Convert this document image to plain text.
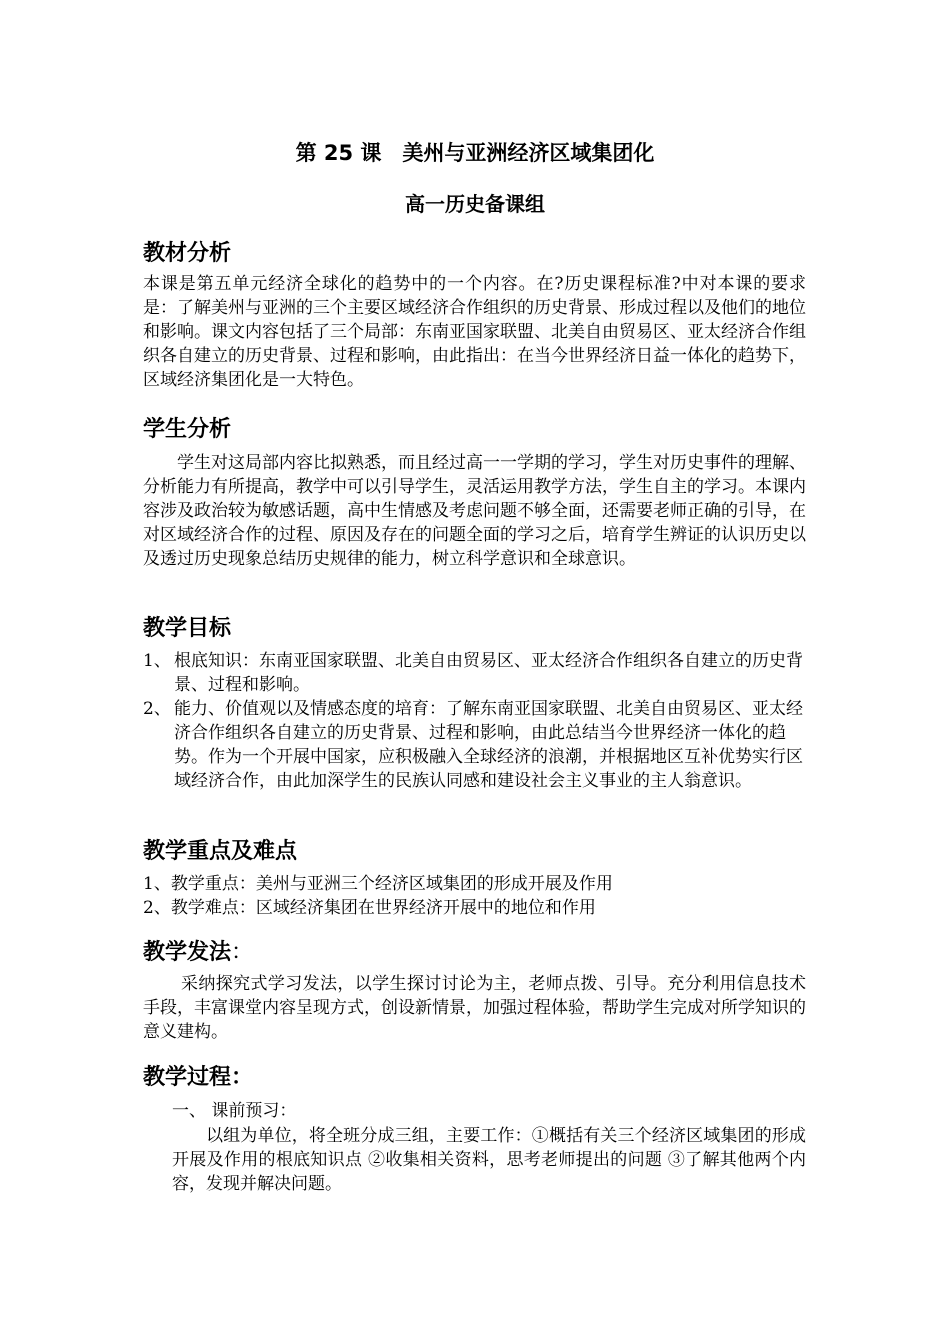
第 25 课　美州与亚洲经济区域集团化
高一历史备课组
教材分析

本课是第五单元经济全球化的趋势中的一个内容。在?历史课程标准?中对本课的要求是：了解美州与亚洲的三个主要区域经济合作组织的历史背景、形成过程以及他们的地位和影响。课文内容包括了三个局部：东南亚国家联盟、北美自由贸易区、亚太经济合作组织各自建立的历史背景、过程和影响，由此指出：在当今世界经济日益一体化的趋势下，区域经济集团化是一大特色。

学生分析

学生对这局部内容比拟熟悉，而且经过高一一学期的学习，学生对历史事件的理解、分析能力有所提高，教学中可以引导学生，灵活运用教学方法，学生自主的学习。本课内容涉及政治较为敏感话题，高中生情感及考虑问题不够全面，还需要老师正确的引导，在对区域经济合作的过程、原因及存在的问题全面的学习之后，培育学生辨证的认识历史以及透过历史现象总结历史规律的能力，树立科学意识和全球意识。

教学目标
1、 根底知识：东南亚国家联盟、北美自由贸易区、亚太经济合作组织各自建立的历史背景、过程和影响。
2、 能力、价值观以及情感态度的培育：了解东南亚国家联盟、北美自由贸易区、亚太经济合作组织各自建立的历史背景、过程和影响，由此总结当今世界经济一体化的趋势。作为一个开展中国家，应积极融入全球经济的浪潮，并根据地区互补优势实行区域经济合作，由此加深学生的民族认同感和建设社会主义事业的主人翁意识。
教学重点及难点
1、教学重点：美州与亚洲三个经济区域集团的形成开展及作用
2、教学难点：区域经济集团在世界经济开展中的地位和作用
教学发法：

采纳探究式学习发法，以学生探讨讨论为主，老师点拨、引导。充分利用信息技术手段，丰富课堂内容呈现方式，创设新情景，加强过程体验，帮助学生完成对所学知识的意义建构。

教学过程：

一、 课前预习：

以组为单位，将全班分成三组，主要工作：①概括有关三个经济区域集团的形成开展及作用的根底知识点 ②收集相关资料，思考老师提出的问题 ③了解其他两个内容，发现并解决问题。
